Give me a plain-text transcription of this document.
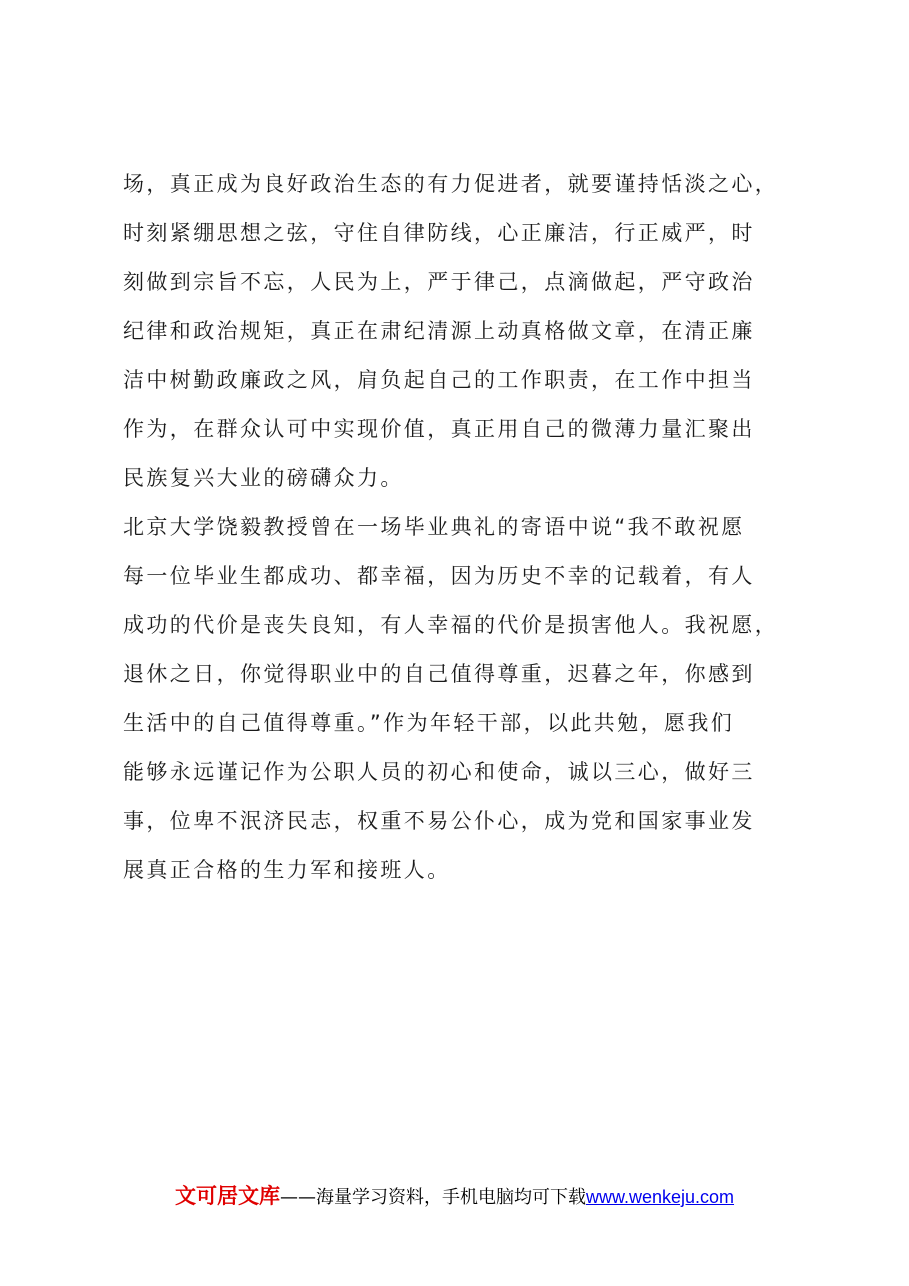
场，真正成为良好政治生态的有力促进者，就要谨持恬淡之心，
时刻紧绷思想之弦，守住自律防线，心正廉洁，行正威严，时
刻做到宗旨不忘，人民为上，严于律己，点滴做起，严守政治
纪律和政治规矩，真正在肃纪清源上动真格做文章，在清正廉
洁中树勤政廉政之风，肩负起自己的工作职责，在工作中担当
作为，在群众认可中实现价值，真正用自己的微薄力量汇聚出
民族复兴大业的磅礴众力。
北京大学饶毅教授曾在一场毕业典礼的寄语中说“我不敢祝愿
每一位毕业生都成功、都幸福，因为历史不幸的记载着，有人
成功的代价是丧失良知，有人幸福的代价是损害他人。我祝愿，
退休之日，你觉得职业中的自己值得尊重，迟暮之年，你感到
生活中的自己值得尊重。”作为年轻干部，以此共勉，愿我们
能够永远谨记作为公职人员的初心和使命，诚以三心，做好三
事，位卑不泯济民志，权重不易公仆心，成为党和国家事业发
展真正合格的生力军和接班人。
文可居文库——海量学习资料，手机电脑均可下载www.wenkeju.com
